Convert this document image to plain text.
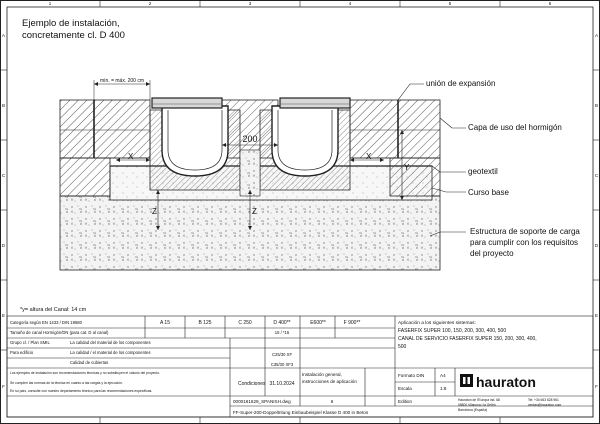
1	2	3	4	5	6
A
B
C
D
E
F
A
B
C
D
E
F
Ejemplo de instalación,
concretamente cl. D 400
mín. = máx. 200 cm
200
X	X
Y
Z	Z
unión de expansión
Capa de uso del hormigón
geotextil
Curso base
Estructura de soporte de carga
para cumplir con los requisitos
del proyecto
*y= altura del Canal: 14 cm
Categoría según EN 1433 / DIN 19580	A 15	B 125	C 250	D 400**	E600**	F 900**
15 / *15
Tamaño de canal Hormigón/DN (para cat. D al canal)
Grupo cl. / Plan SMIL	La calidad del material de los componentes
Para edificio	La calidad / el material de los componentes
Calidad de cubiertas
C25/30 XF
C35/30 XF3
Aplicación a los siguientes sistemas:
FASERFIX SUPER 100, 150, 200, 300, 400, 500
CANAL DE SERVICIO FASERFIX SUPER 150, 200, 300, 400,
500
Los ejemplos de instalación son recomendaciones técnicas y no substituyen el cálculo del proyecto.
Se cumplen las normas de la técnica en cuanto a las cargas y la ejecución.
En su país, consulte con nuestro departamento técnico para las recomendaciones específicas.
Condiciones 31.10.2024
Instalación general,
instrucciones de aplicación
0000161629_SPANISH.dwg	6
Formato DIN	A4
Escala	1:8
Edition
FF-Super-200-Doppeltritung Einbaubeispiel Klasse D 400 in Beton
Hauraton de l'Europa ind. 68
08800 Vilanova i la Geltrú
Barcelona (España)
Tel: +34 663 628 961
ventas@hauraton.com
hauraton
